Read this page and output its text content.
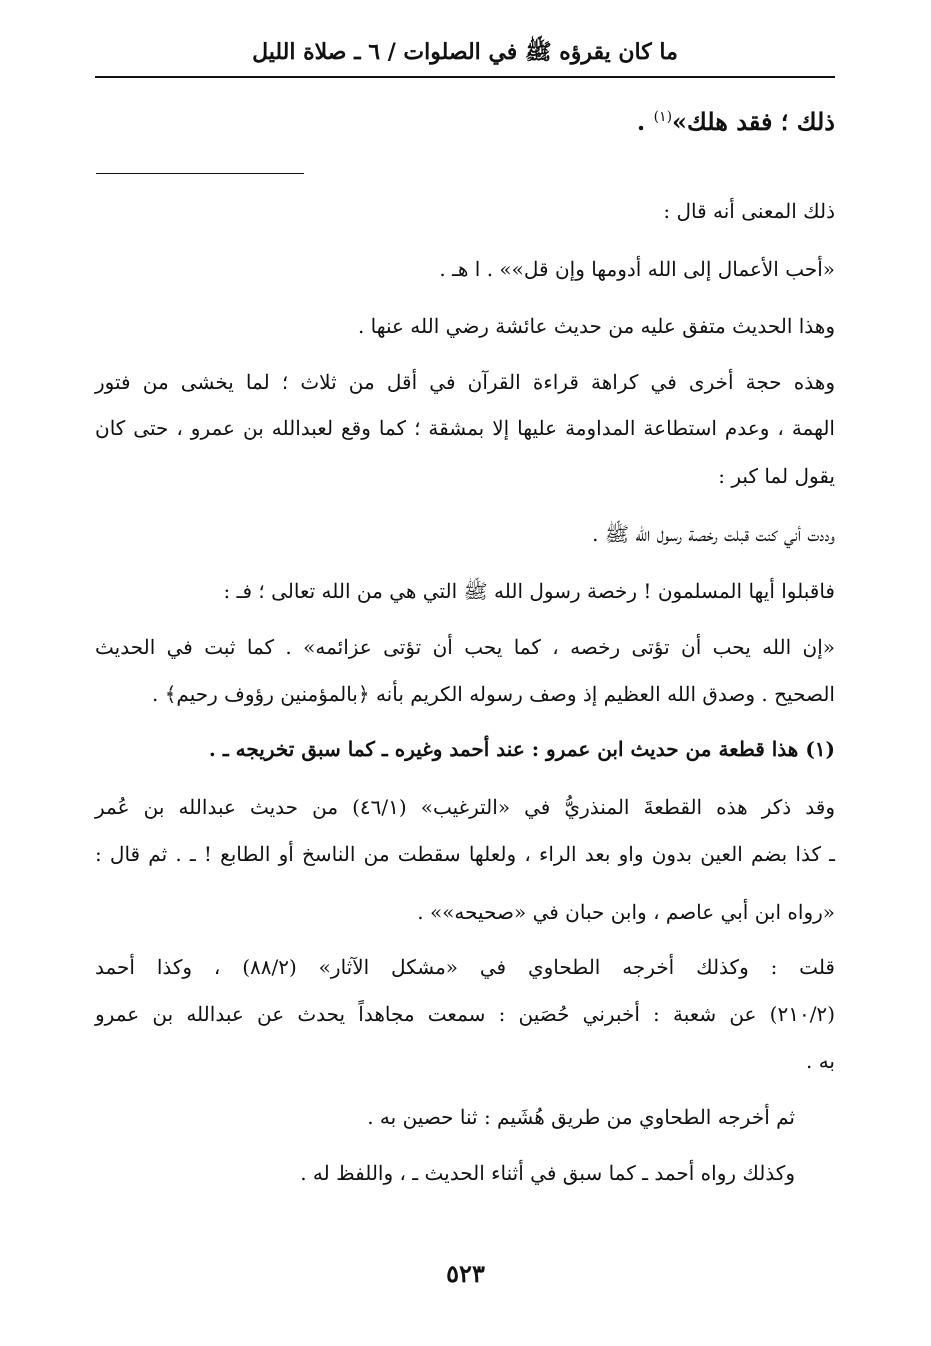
ما كان يقرؤه ﷺ في الصلوات / ٦ ـ صلاة الليل
ذلك ؛ فقد هلك»$^{(١)}$ .
ذلك المعنى أنه قال :
«أحب الأعمال إلى الله أدومها وإن قل»» . ا هـ .
وهذا الحديث متفق عليه من حديث عائشة رضي الله عنها .
وهذه حجة أخرى في كراهة قراءة القرآن في أقل من ثلاث ؛ لما يخشى من فتور
الهمة ، وعدم استطاعة المداومة عليها إلا بمشقة ؛ كما وقع لعبدالله بن عمرو ، حتى كان
يقول لما كبر :
وددت أني كنت قبلت رخصة رسول الله ﷺ .
فاقبلوا أيها المسلمون ! رخصة رسول الله ﷺ التي هي من الله تعالى ؛ فـ :
«إن الله يحب أن تؤتى رخصه ، كما يحب أن تؤتى عزائمه» . كما ثبت في الحديث
الصحيح . وصدق الله العظيم إذ وصف رسوله الكريم بأنه ﴿بالمؤمنين رؤوف رحيم﴾ .
(١) هذا قطعة من حديث ابن عمرو : عند أحمد وغيره ـ كما سبق تخريجه ـ .
وقد ذكر هذه القطعةَ المنذريُّ في «الترغيب» (٤٦/١) من حديث عبدالله بن عُمر
ـ كذا بضم العين بدون واو بعد الراء ، ولعلها سقطت من الناسخ أو الطابع ! ـ . ثم قال :
«رواه ابن أبي عاصم ، وابن حبان في «صحيحه»» .
قلت : وكذلك أخرجه الطحاوي في «مشكل الآثار» (٨٨/٢) ، وكذا أحمد
(٢١٠/٢) عن شعبة : أخبرني حُصَين : سمعت مجاهداً يحدث عن عبدالله بن عمرو
به .
ثم أخرجه الطحاوي من طريق هُشَيم : ثنا حصين به .
وكذلك رواه أحمد ـ كما سبق في أثناء الحديث ـ ، واللفظ له .
٥٢٣
